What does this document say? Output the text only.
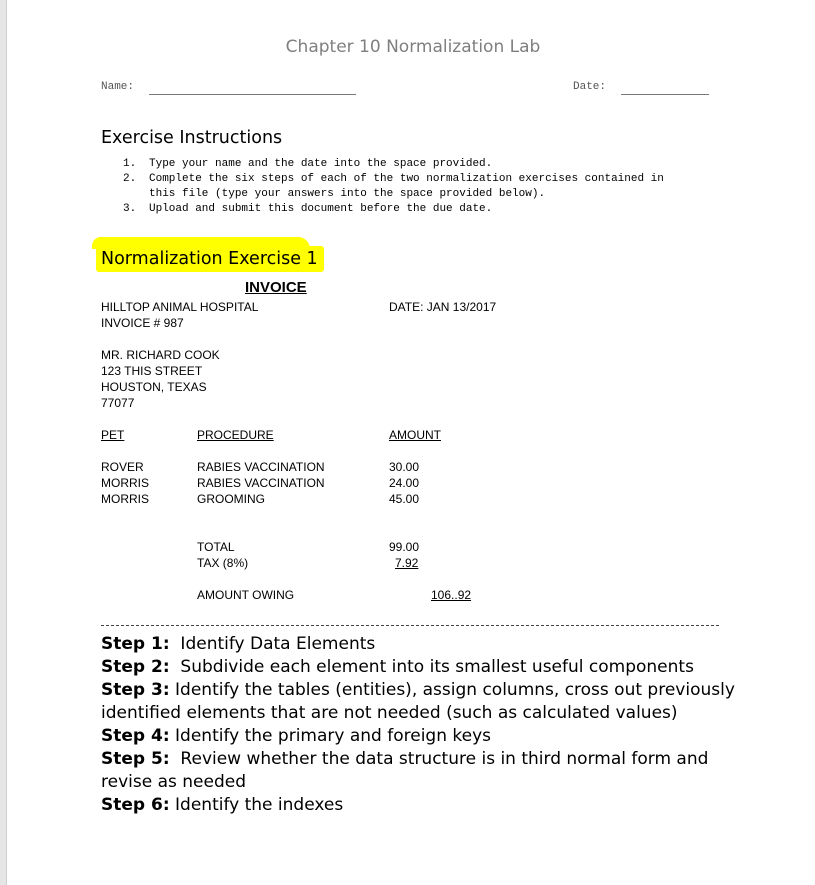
Chapter 10 Normalization Lab
Name:	Date:
Exercise Instructions
1. Type your name and the date into the space provided.
2. Complete the six steps of each of the two normalization exercises contained in this file (type your answers into the space provided below).
3. Upload and submit this document before the due date.
Normalization Exercise 1
INVOICE
HILLTOP ANIMAL HOSPITAL	DATE: JAN 13/2017
INVOICE # 987
MR. RICHARD COOK
123 THIS STREET
HOUSTON, TEXAS
77077
PET	PROCEDURE	AMOUNT
ROVER	RABIES VACCINATION	30.00
MORRIS	RABIES VACCINATION	24.00
MORRIS	GROOMING	45.00
TOTAL	99.00
TAX (8%)	7.92
AMOUNT OWING	106..92

Step 1:  Identify Data Elements

Step 2:  Subdivide each element into its smallest useful components

Step 3: Identify the tables (entities), assign columns, cross out previously identified elements that are not needed (such as calculated values)

Step 4: Identify the primary and foreign keys

Step 5:  Review whether the data structure is in third normal form and revise as needed

Step 6: Identify the indexes
